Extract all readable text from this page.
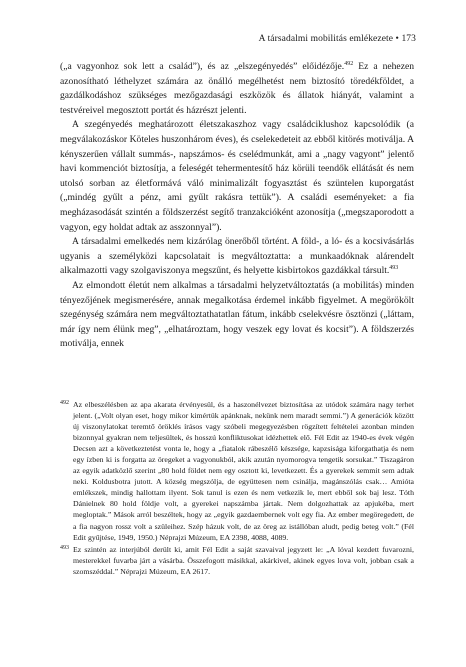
A társadalmi mobilitás emlékezete • 173

(„a vagyonhoz sok lett a család”), és az „elszegényedés” előidézője.$^{492}$ Ez a nehezen azonosítható léthelyzet számára az önálló megélhetést nem biztosító töredékföldet, a gazdálkodáshoz szükséges mezőgazdasági eszközök és állatok hiányát, valamint a testvéreivel megosztott portát és házrészt jelenti.

A szegényedés meghatározott életszakaszhoz vagy családciklushoz kapcsolódik (a megválakozáskor Köteles huszonhárom éves), és cselekedeteit az ebből kitörés motiválja. A kényszerűen vállalt summás-, napszámos- és cselédmunkát, ami a „nagy vagyont” jelentő havi kommenciót biztosítja, a feleségét tehermentesítő ház körüli teendők ellátását és nem utolsó sorban az életformává váló minimalizált fogyasztást és szüntelen kuporgatást („mindég gyűlt a pénz, ami gyűlt rakásra tettük”). A családi eseményeket: a fia megházasodását szintén a földszerzést segítő tranzakcióként azonosítja („megszaporodott a vagyon, egy holdat adtak az asszonnyal”).

A társadalmi emelkedés nem kizárólag önerőből történt. A föld-, a ló- és a kocsivásárlás ugyanis a személyközi kapcsolatait is megváltoztatta: a munkaadóknak alárendelt alkalmazotti vagy szolgaviszonya megszűnt, és helyette kisbirtokos gazdákkal társult.$^{493}$

Az elmondott életút nem alkalmas a társadalmi helyzetváltoztatás (a mobilitás) minden tényezőjének megismerésére, annak megalkotása érdemel inkább figyelmet. A megörökölt szegénység számára nem megváltoztathatatlan fátum, inkább cselekvésre ösztönzi („láttam, már így nem élünk meg”, „elhatároztam, hogy veszek egy lovat és kocsit”). A földszerzés motiválja, ennek

492 Az elbeszélésben az apa akarata érvényesül, és a haszonélvezet biztosítása az utódok számára nagy terhet jelent. („Volt olyan eset, hogy mikor kimértük apánknak, nekünk nem maradt semmi.”) A generációk között új viszonylatokat teremtő öröklés írásos vagy szóbeli megegyezésben rögzített feltételei azonban minden bizonnyal gyakran nem teljesültek, és hosszú konfliktusokat idézhettek elő. Fél Edit az 1940-es évek végén Decsen azt a következtetést vonta le, hogy a „fiatalok rábeszélő készsége, kapzsisága kiforgathatja és nem egy ízben ki is forgatta az öregeket a vagyonukból, akik azután nyomorogva tengetik sorsukat.” Tiszagáron az egyik adatközlő szerint „80 hold földet nem egy osztott ki, levetkezett. És a gyerekek semmit sem adtak neki. Koldusbotra jutott. A község megszólja, de együttesen nem csinálja, magánszólás csak… Amióta emlékszek, mindig hallottam ilyent. Sok tanul is ezen és nem vetkezik le, mert ebből sok baj lesz. Tóth Dánielnek 80 hold földje volt, a gyerekei napszámba jártak. Nem dolgozhattak az apjukéba, mert megloptak.” Mások arról beszéltek, hogy az „egyik gazdaembernek volt egy fia. Az ember megöregedett, de a fia nagyon rossz volt a szüleihez. Szép házuk volt, de az öreg az istállóban aludt, pedig beteg volt.” (Fél Edit gyűjtése, 1949, 1950.) Néprajzi Múzeum, EA 2398, 4088, 4089.
493 Ez szintén az interjúból derült ki, amit Fél Edit a saját szavaival jegyzett le: „A lóval kezdett fuvarozni, mesterekkel fuvarba járt a vásárba. Összefogott másikkal, akárkivel, akinek egyes lova volt, jobban csak a szomszéddal.” Néprajzi Múzeum, EA 2617.
